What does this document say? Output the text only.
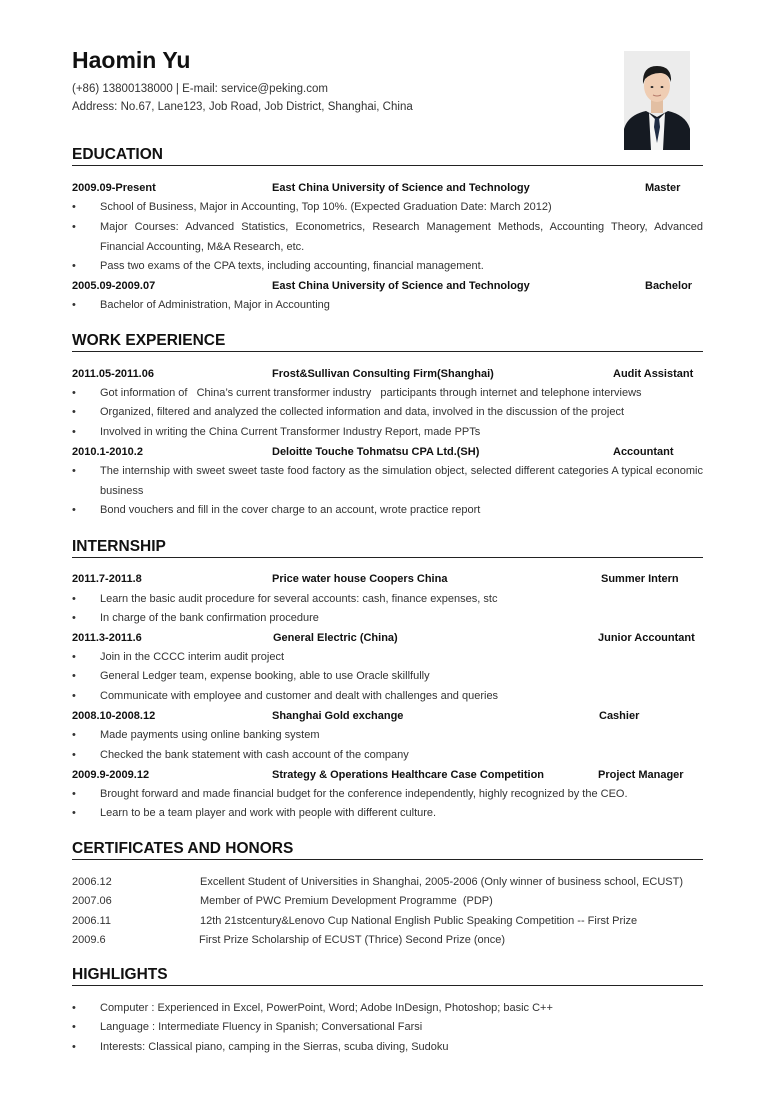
Haomin Yu
(+86) 13800138000 | E-mail: service@peking.com
Address: No.67, Lane123, Job Road, Job District, Shanghai, China
EDUCATION
2009.09-Present	East China University of Science and Technology	Master
• School of Business, Major in Accounting, Top 10%. (Expected Graduation Date: March 2012)
• Major Courses: Advanced Statistics, Econometrics, Research Management Methods, Accounting Theory, Advanced Financial Accounting, M&A Research, etc.
• Pass two exams of the CPA texts, including accounting, financial management.
2005.09-2009.07	East China University of Science and Technology	Bachelor
• Bachelor of Administration, Major in Accounting
WORK EXPERIENCE
2011.05-2011.06	Frost&Sullivan Consulting Firm(Shanghai)	Audit Assistant
• Got information of   China’s current transformer industry   participants through internet and telephone interviews
• Organized, filtered and analyzed the collected information and data, involved in the discussion of the project
• Involved in writing the China Current Transformer Industry Report, made PPTs
2010.1-2010.2	Deloitte Touche Tohmatsu CPA Ltd.(SH)	Accountant
• The internship with sweet sweet taste food factory as the simulation object, selected different categories A typical economic business
• Bond vouchers and fill in the cover charge to an account, wrote practice report
INTERNSHIP
2011.7-2011.8	Price water house Coopers China	Summer Intern
• Learn the basic audit procedure for several accounts: cash, finance expenses, stc
• In charge of the bank confirmation procedure
2011.3-2011.6	General Electric (China)	Junior Accountant
• Join in the CCCC interim audit project
• General Ledger team, expense booking, able to use Oracle skillfully
• Communicate with employee and customer and dealt with challenges and queries
2008.10-2008.12	Shanghai Gold exchange	Cashier
• Made payments using online banking system
• Checked the bank statement with cash account of the company
2009.9-2009.12	Strategy & Operations Healthcare Case Competition	Project Manager
• Brought forward and made financial budget for the conference independently, highly recognized by the CEO.
• Learn to be a team player and work with people with different culture.
CERTIFICATES AND HONORS
2006.12	Excellent Student of Universities in Shanghai, 2005-2006 (Only winner of business school, ECUST)
2007.06	Member of PWC Premium Development Programme  (PDP)
2006.11	12th 21stcentury&Lenovo Cup National English Public Speaking Competition -- First Prize
2009.6	First Prize Scholarship of ECUST (Thrice) Second Prize (once)
HIGHLIGHTS
• Computer : Experienced in Excel, PowerPoint, Word; Adobe InDesign, Photoshop; basic C++
• Language : Intermediate Fluency in Spanish; Conversational Farsi
• Interests: Classical piano, camping in the Sierras, scuba diving, Sudoku
